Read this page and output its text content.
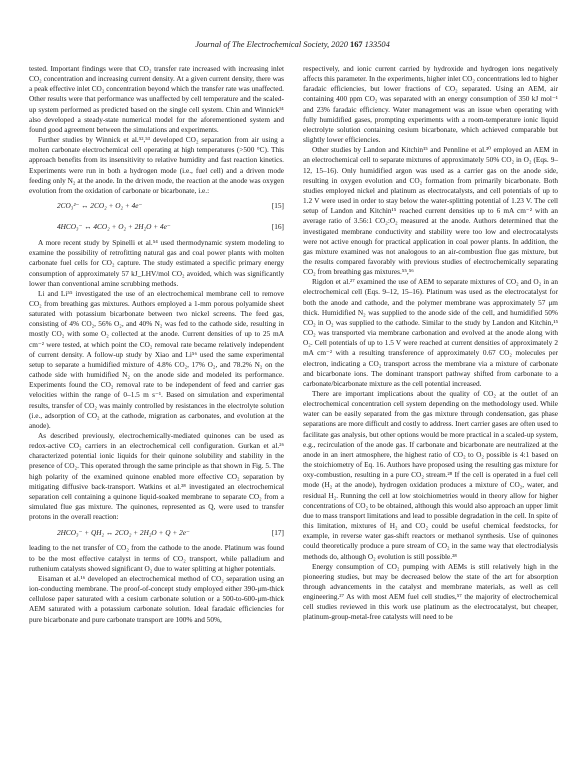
Journal of The Electrochemical Society, 2020 167 133504

tested. Important findings were that CO₂ transfer rate increased with increasing inlet CO₂ concentration and increasing current density. At a given current density, there was a peak effective inlet CO₂ concentration beyond which the transfer rate was unaffected. Other results were that performance was unaffected by cell temperature and the scaled-up system performed as predicted based on the single cell system. Chin and Winnick⁵¹ also developed a steady-state numerical model for the aforementioned system and found good agreement between the simulations and experiments.

Further studies by Winnick et al.⁵²,⁵³ developed CO₂ separation from air using a molten carbonate electrochemical cell operating at high temperatures (>500 °C). This approach benefits from its insensitivity to relative humidity and fast reaction kinetics. Experiments were run in both a hydrogen mode (i.e., fuel cell) and a driven mode feeding only N₂ at the anode. In the driven mode, the reaction at the anode was oxygen evolution from the oxidation of carbonate or bicarbonate, i.e.:

2CO₃²⁻ ↔ 2CO₂ + O₂ + 4e⁻	[15]
4HCO₃⁻ ↔ 4CO₂ + O₂ + 2H₂O + 4e⁻	[16]

A more recent study by Spinelli et al.⁵⁴ used thermodynamic system modeling to examine the possibility of retrofitting natural gas and coal power plants with molten carbonate fuel cells for CO₂ capture. The study estimated a specific primary energy consumption of approximately 57 kJ_LHV/mol CO₂ avoided, which was significantly lower than conventional amine scrubbing methods.

Li and Li⁵⁵ investigated the use of an electrochemical membrane cell to remove CO₂ from breathing gas mixtures. Authors employed a 1-mm porous polyamide sheet saturated with potassium bicarbonate between two nickel screens. The feed gas, consisting of 4% CO₂, 56% O₂, and 40% N₂ was fed to the cathode side, resulting in mostly CO₂ with some O₂ collected at the anode. Current densities of up to 25 mA cm⁻² were tested, at which point the CO₂ removal rate became relatively independent of current density. A follow-up study by Xiao and Li⁵⁶ used the same experimental setup to separate a humidified mixture of 4.8% CO₂, 17% O₂, and 78.2% N₂ on the cathode side with humidified N₂ on the anode side and modeled its performance. Experiments found the CO₂ removal rate to be independent of feed and carrier gas velocities within the range of 0–1.5 m s⁻¹. Based on simulation and experimental results, transfer of CO₂ was mainly controlled by resistances in the electrolyte solution (i.e., adsorption of CO₂ at the cathode, migration as carbonates, and evolution at the anode).

As described previously, electrochemically-mediated quinones can be used as redox-active CO₂ carriers in an electrochemical cell configuration. Gurkan et al.²⁶ characterized potential ionic liquids for their quinone solubility and stability in the presence of CO₂. This operated through the same principle as that shown in Fig. 5. The high polarity of the examined quinone enabled more effective CO₂ separation by mitigating diffusive back-transport. Watkins et al.²⁸ investigated an electrochemical separation cell containing a quinone liquid-soaked membrane to separate CO₂ from a simulated flue gas mixture. The quinones, represented as Q, were used to transfer protons in the overall reaction:

2HCO₃⁻ + QH₂ ↔ 2CO₂ + 2H₂O + Q + 2e⁻	[17]

leading to the net transfer of CO₂ from the cathode to the anode. Platinum was found to be the most effective catalyst in terms of CO₂ transport, while palladium and ruthenium catalysts showed significant O₂ due to water splitting at higher potentials.

Eisaman et al.¹⁶ developed an electrochemical method of CO₂ separation using an ion-conducting membrane. The proof-of-concept study employed either 390-μm-thick cellulose paper saturated with a cesium carbonate solution or a 500-to-600-μm-thick AEM saturated with a potassium carbonate solution. Ideal faradaic efficiencies for pure bicarbonate and pure carbonate transport are 100% and 50%,

respectively, and ionic current carried by hydroxide and hydrogen ions negatively affects this parameter. In the experiments, higher inlet CO₂ concentrations led to higher faradaic efficiencies, but lower fractions of CO₂ separated. Using an AEM, air containing 400 ppm CO₂ was separated with an energy consumption of 350 kJ mol⁻¹ and 23% faradaic efficiency. Water management was an issue when operating with fully humidified gases, prompting experiments with a room-temperature ionic liquid electrolyte solution containing cesium bicarbonate, which achieved comparable but slightly lower efficiencies.

Other studies by Landon and Kitchin¹⁵ and Pennline et al.³⁰ employed an AEM in an electrochemical cell to separate mixtures of approximately 50% CO₂ in O₂ (Eqs. 9–12, 15–16). Only humidified argon was used as a carrier gas on the anode side, resulting in oxygen evolution and CO₂ formation from primarily bicarbonate. Both studies employed nickel and platinum as electrocatalysts, and cell potentials of up to 1.2 V were used in order to stay below the water-splitting potential of 1.23 V. The cell setup of Landon and Kitchin¹⁵ reached current densities up to 6 mA cm⁻² with an average ratio of 3.56:1 CO₂:O₂ measured at the anode. Authors determined that the investigated membrane conductivity and stability were too low and electrocatalysts were not active enough for practical application in coal power plants. In addition, the gas mixture examined was not analogous to an air-combustion flue gas mixture, but the results compared favorably with previous studies of electrochemically separating CO₂ from breathing gas mixtures.⁵⁵,⁵⁶

Rigdon et al.²⁷ examined the use of AEM to separate mixtures of CO₂ and O₂ in an electrochemical cell (Eqs. 9–12, 15–16). Platinum was used as the electrocatalyst for both the anode and cathode, and the polymer membrane was approximately 57 μm thick. Humidified N₂ was supplied to the anode side of the cell, and humidified 50% CO₂ in O₂ was supplied to the cathode. Similar to the study by Landon and Kitchin,¹⁵ CO₂ was transported via membrane carbonation and evolved at the anode along with O₂. Cell potentials of up to 1.5 V were reached at current densities of approximately 2 mA cm⁻² with a resulting transference of approximately 0.67 CO₂ molecules per electron, indicating a CO₂ transport across the membrane via a mixture of carbonate and bicarbonate ions. The dominant transport pathway shifted from carbonate to a carbonate/bicarbonate mixture as the cell potential increased.

There are important implications about the quality of CO₂ at the outlet of an electrochemical concentration cell system depending on the methodology used. While water can be easily separated from the gas mixture through condensation, gas phase separations are more difficult and costly to address. Inert carrier gases are often used to facilitate gas analysis, but other options would be more practical in a scaled-up system, e.g., recirculation of the anode gas. If carbonate and bicarbonate are neutralized at the anode in an inert atmosphere, the highest ratio of CO₂ to O₂ possible is 4:1 based on the stoichiometry of Eq. 16. Authors have proposed using the resulting gas mixture for oxy-combustion, resulting in a pure CO₂ stream.²⁸ If the cell is operated in a fuel cell mode (H₂ at the anode), hydrogen oxidation produces a mixture of CO₂, water, and residual H₂. Running the cell at low stoichiometries would in theory allow for higher concentrations of CO₂ to be obtained, although this would also approach an upper limit due to mass transport limitations and lead to possible degradation in the cell. In spite of this limitation, mixtures of H₂ and CO₂ could be useful chemical feedstocks, for example, in reverse water gas-shift reactors or methanol synthesis. Use of quinones could theoretically produce a pure stream of CO₂ in the same way that electrodialysis methods do, although O₂ evolution is still possible.²⁸

Energy consumption of CO₂ pumping with AEMs is still relatively high in the pioneering studies, but may be decreased below the state of the art for absorption through advancements in the catalyst and membrane materials, as well as cell engineering.²⁷ As with most AEM fuel cell studies,⁵⁷ the majority of electrochemical cell studies reviewed in this work use platinum as the electrocatalyst, but cheaper, platinum-group-metal-free catalysts will need to be
